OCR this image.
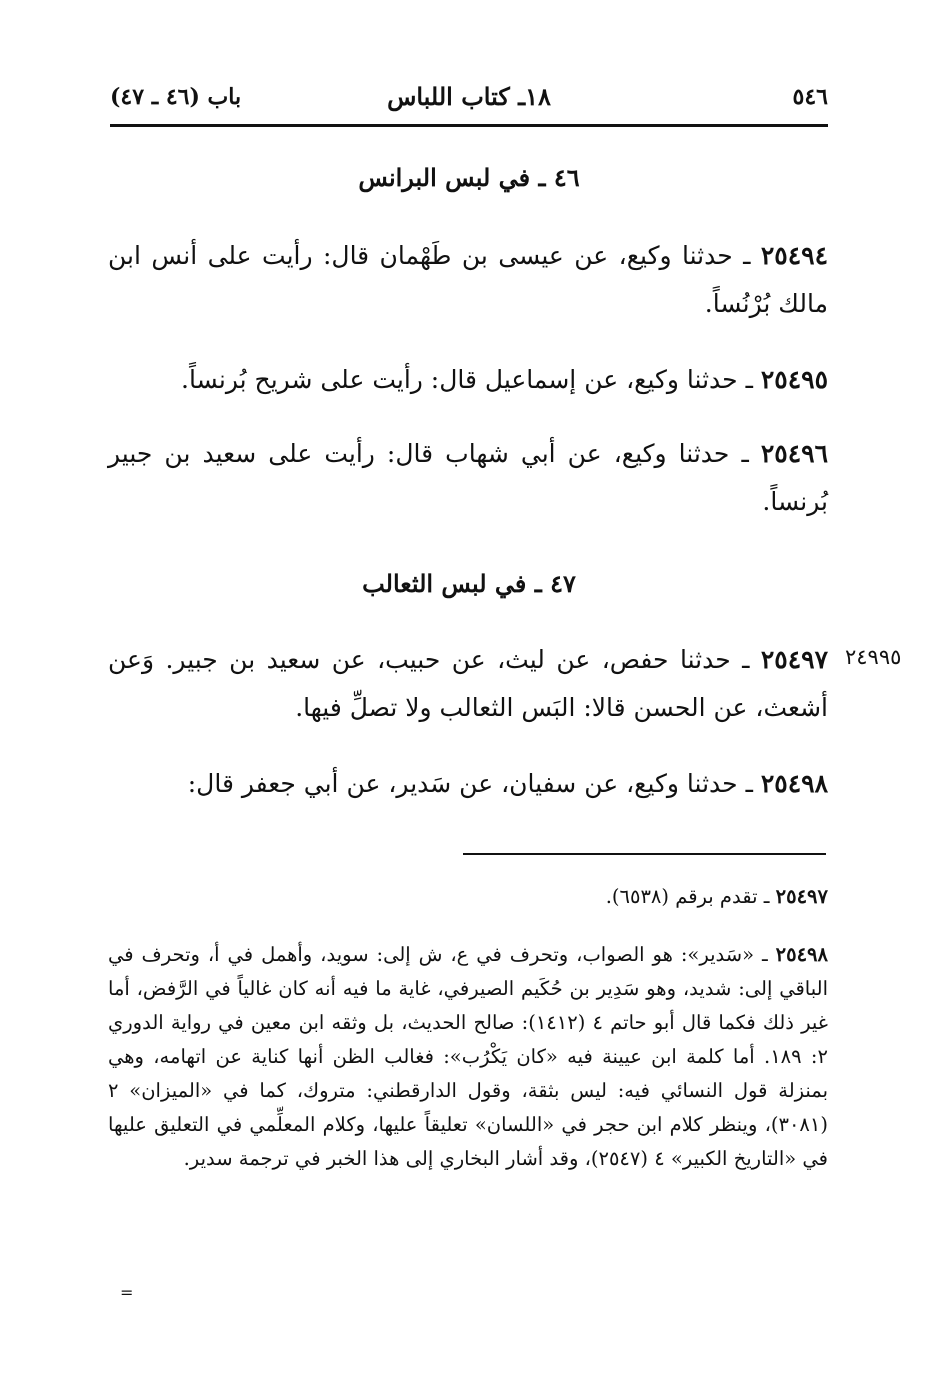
٥٤٦
١٨ـ كتاب اللباس
باب (٤٦ ـ ٤٧)
٤٦ ـ في لبس البرانس

٢٥٤٩٤ ـ حدثنا وكيع، عن عيسى بن طَهْمان قال: رأيت على أنس ابن مالك بُرْنُساً.

٢٥٤٩٥ ـ حدثنا وكيع، عن إسماعيل قال: رأيت على شريح بُرنساً.

٢٥٤٩٦ ـ حدثنا وكيع، عن أبي شهاب قال: رأيت على سعيد بن جبير بُرنساً.

٤٧ ـ في لبس الثعالب
٢٤٩٩٥

٢٥٤٩٧ ـ حدثنا حفص، عن ليث، عن حبيب، عن سعيد بن جبير. وَعن أشعث، عن الحسن قالا: البَس الثعالب ولا تصلِّ فيها.

٢٥٤٩٨ ـ حدثنا وكيع، عن سفيان، عن سَدير، عن أبي جعفر قال:

٢٥٤٩٧ ـ تقدم برقم (٦٥٣٨).

٢٥٤٩٨ ـ «سَدير»: هو الصواب، وتحرف في ع، ش إلى: سويد، وأهمل في أ، وتحرف في الباقي إلى: شديد، وهو سَدِير بن حُكَيم الصيرفي، غاية ما فيه أنه كان غالياً في الرَّفض، أما غير ذلك فكما قال أبو حاتم ٤ (١٤١٢): صالح الحديث، بل وثقه ابن معين في رواية الدوري ٢: ١٨٩. أما كلمة ابن عيينة فيه «كان يَكْرُب»: فغالب الظن أنها كناية عن اتهامه، وهي بمنزلة قول النسائي فيه: ليس بثقة، وقول الدارقطني: متروك، كما في «الميزان» ٢ (٣٠٨١)، وينظر كلام ابن حجر في «اللسان» تعليقاً عليها، وكلام المعلِّمي في التعليق عليها في «التاريخ الكبير» ٤ (٢٥٤٧)، وقد أشار البخاري إلى هذا الخبر في ترجمة سدير.

=
